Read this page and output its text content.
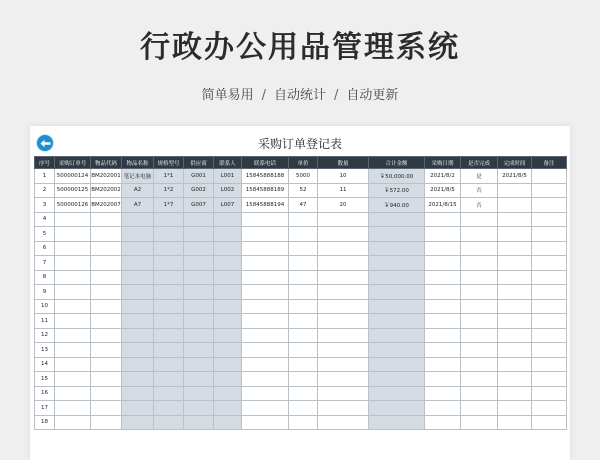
行政办公用品管理系统
简单易用 / 自动统计 / 自动更新
采购订单登记表
序号	采购订单号	物品代码	物品名称	规格型号	供应商	联系人	联系电话	单价	数量	合计金额	采购日期	是否完成	完成时间	备注
1	500000124	BM202001	笔记本电脑	1*1	G001	L001	15845888188	5000	10	￥50,000.00	2021/8/2	是	2021/8/5	
2	500000125	BM202002	A2	1*2	G002	L002	15845888189	52	11	￥572.00	2021/8/5	否		
3	500000126	BM202007	A7	1*7	G007	L007	15845888194	47	20	￥940.00	2021/8/15	否		
4														
5														
6														
7														
8														
9														
10														
11														
12														
13														
14														
15														
16														
17														
18														
